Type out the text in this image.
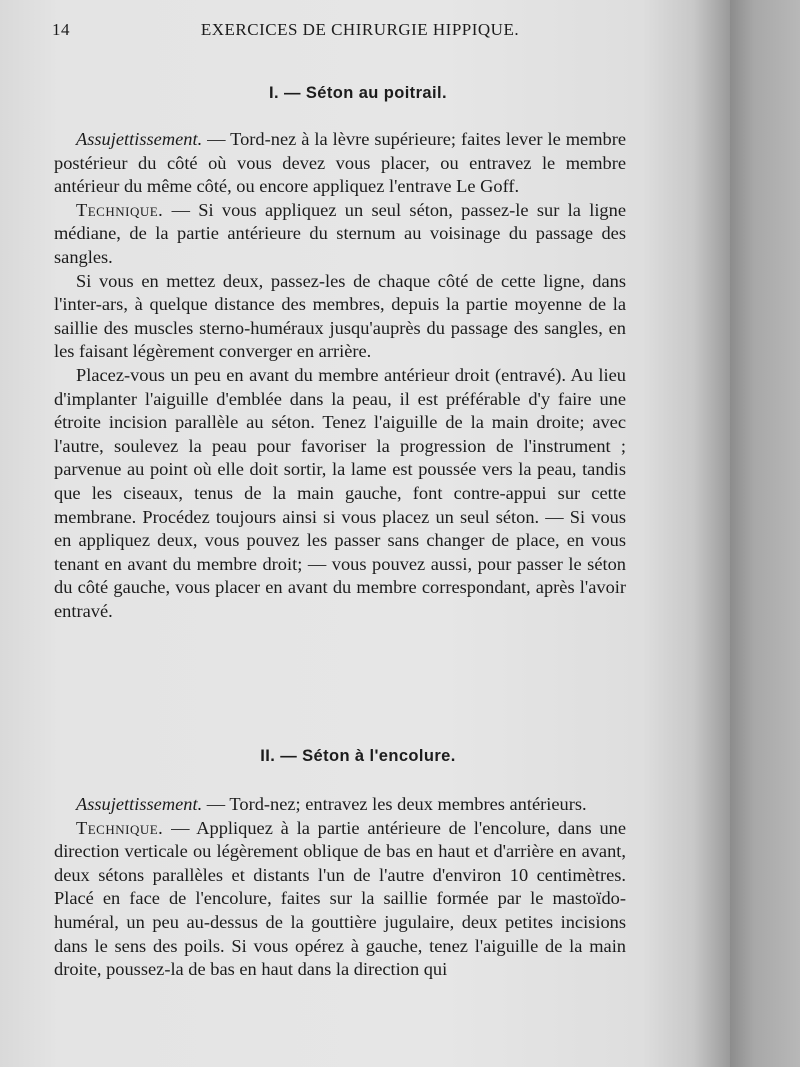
14	EXERCICES DE CHIRURGIE HIPPIQUE.
I. — Séton au poitrail.

Assujettissement. — Tord-nez à la lèvre supérieure; faites lever le membre postérieur du côté où vous devez vous placer, ou entravez le membre antérieur du même côté, ou encore appliquez l'entrave Le Goff.

Technique. — Si vous appliquez un seul séton, passez-le sur la ligne médiane, de la partie antérieure du sternum au voisinage du passage des sangles.

Si vous en mettez deux, passez-les de chaque côté de cette ligne, dans l'inter-ars, à quelque distance des membres, depuis la partie moyenne de la saillie des muscles sterno-huméraux jusqu'auprès du passage des sangles, en les faisant légèrement converger en arrière.

Placez-vous un peu en avant du membre antérieur droit (entravé). Au lieu d'implanter l'aiguille d'emblée dans la peau, il est préférable d'y faire une étroite incision parallèle au séton. Tenez l'aiguille de la main droite; avec l'autre, soulevez la peau pour favoriser la progression de l'instrument ; parvenue au point où elle doit sortir, la lame est poussée vers la peau, tandis que les ciseaux, tenus de la main gauche, font contre-appui sur cette membrane. Procédez toujours ainsi si vous placez un seul séton. — Si vous en appliquez deux, vous pouvez les passer sans changer de place, en vous tenant en avant du membre droit; — vous pouvez aussi, pour passer le séton du côté gauche, vous placer en avant du membre correspondant, après l'avoir entravé.

II. — Séton à l'encolure.

Assujettissement. — Tord-nez; entravez les deux membres antérieurs.

Technique. — Appliquez à la partie antérieure de l'encolure, dans une direction verticale ou légèrement oblique de bas en haut et d'arrière en avant, deux sétons parallèles et distants l'un de l'autre d'environ 10 centimètres. Placé en face de l'encolure, faites sur la saillie formée par le mastoïdo-huméral, un peu au-dessus de la gouttière jugulaire, deux petites incisions dans le sens des poils. Si vous opérez à gauche, tenez l'aiguille de la main droite, poussez-la de bas en haut dans la direction qui
